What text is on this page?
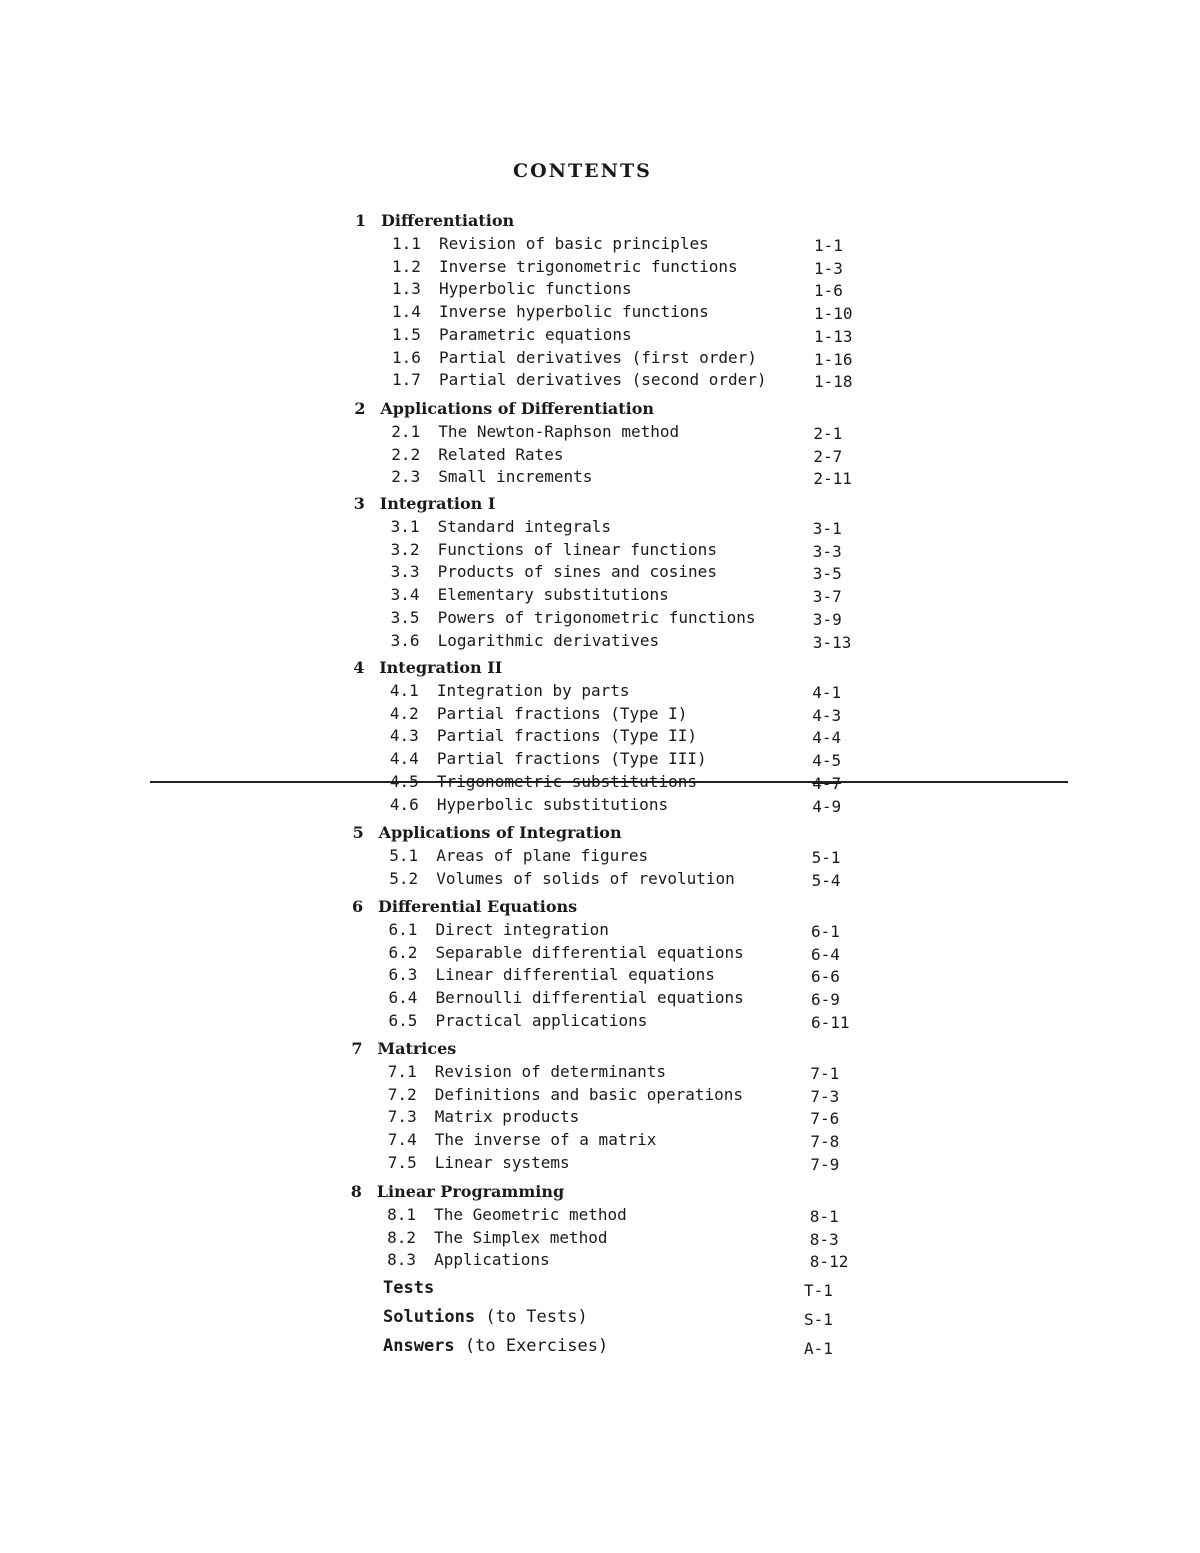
CONTENTS
1 Differentiation
1.1 Revision of basic principles	1-1
1.2 Inverse trigonometric functions	1-3
1.3 Hyperbolic functions	1-6
1.4 Inverse hyperbolic functions	1-10
1.5 Parametric equations	1-13
1.6 Partial derivatives (first order)	1-16
1.7 Partial derivatives (second order)	1-18
2 Applications of Differentiation
2.1 The Newton-Raphson method	2-1
2.2 Related Rates	2-7
2.3 Small increments	2-11
3 Integration I
3.1 Standard integrals	3-1
3.2 Functions of linear functions	3-3
3.3 Products of sines and cosines	3-5
3.4 Elementary substitutions	3-7
3.5 Powers of trigonometric functions	3-9
3.6 Logarithmic derivatives	3-13
4 Integration II
4.1 Integration by parts	4-1
4.2 Partial fractions (Type I)	4-3
4.3 Partial fractions (Type II)	4-4
4.4 Partial fractions (Type III)	4-5
4.5 Trigonometric substitutions	4-7
4.6 Hyperbolic substitutions	4-9
5 Applications of Integration
5.1 Areas of plane figures	5-1
5.2 Volumes of solids of revolution	5-4
6 Differential Equations
6.1 Direct integration	6-1
6.2 Separable differential equations	6-4
6.3 Linear differential equations	6-6
6.4 Bernoulli differential equations	6-9
6.5 Practical applications	6-11
7 Matrices
7.1 Revision of determinants	7-1
7.2 Definitions and basic operations	7-3
7.3 Matrix products	7-6
7.4 The inverse of a matrix	7-8
7.5 Linear systems	7-9
8 Linear Programming
8.1 The Geometric method	8-1
8.2 The Simplex method	8-3
8.3 Applications	8-12
Tests	T-1
Solutions (to Tests)	S-1
Answers (to Exercises)	A-1
